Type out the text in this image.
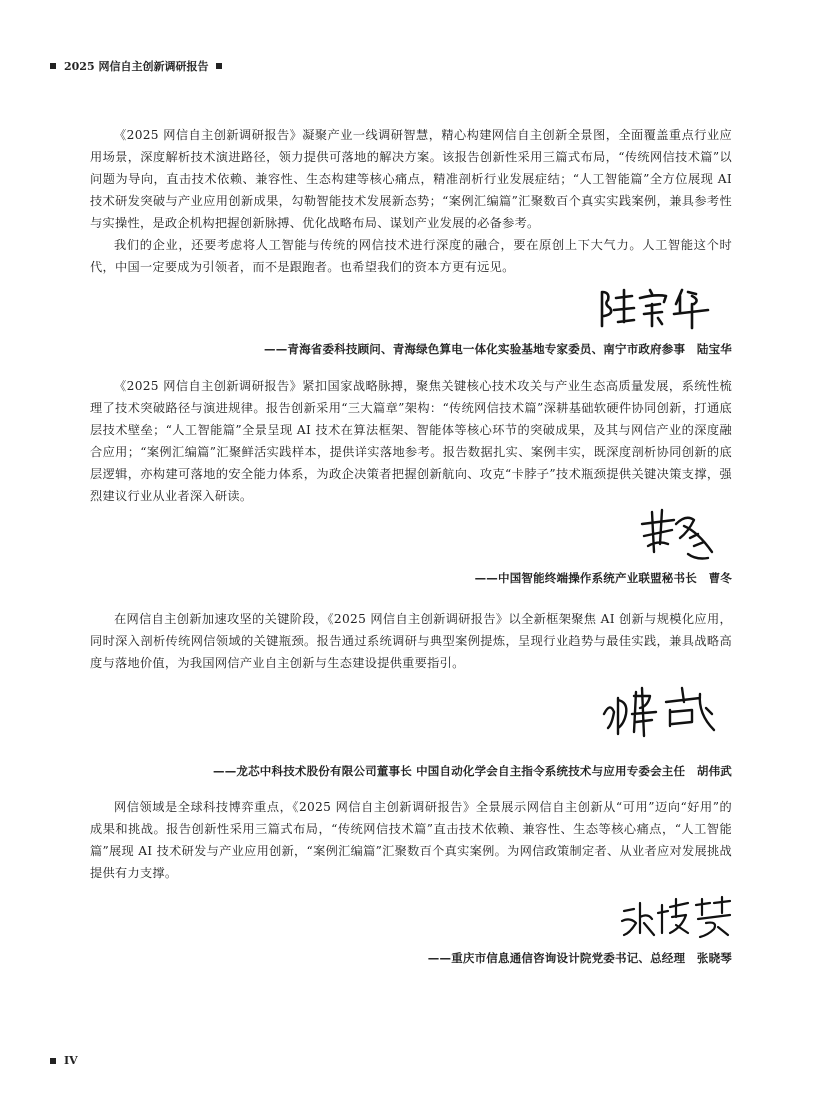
2025 网信自主创新调研报告

《2025 网信自主创新调研报告》凝聚产业一线调研智慧，精心构建网信自主创新全景图，全面覆盖重点行业应用场景，深度解析技术演进路径，领力提供可落地的解决方案。该报告创新性采用三篇式布局，“传统网信技术篇”以问题为导向，直击技术依赖、兼容性、生态构建等核心痛点，精准剖析行业发展症结；“人工智能篇”全方位展现 AI 技术研发突破与产业应用创新成果，勾勒智能技术发展新态势；“案例汇编篇”汇聚数百个真实实践案例，兼具参考性与实操性，是政企机构把握创新脉搏、优化战略布局、谋划产业发展的必备参考。

我们的企业，还要考虑将人工智能与传统的网信技术进行深度的融合，要在原创上下大气力。人工智能这个时代，中国一定要成为引领者，而不是跟跑者。也希望我们的资本方更有远见。

——青海省委科技顾问、青海绿色算电一体化实验基地专家委员、南宁市政府参事　陆宝华

《2025 网信自主创新调研报告》紧扣国家战略脉搏，聚焦关键核心技术攻关与产业生态高质量发展，系统性梳理了技术突破路径与演进规律。报告创新采用“三大篇章”架构：“传统网信技术篇”深耕基础软硬件协同创新，打通底层技术壁垒；“人工智能篇”全景呈现 AI 技术在算法框架、智能体等核心环节的突破成果，及其与网信产业的深度融合应用；“案例汇编篇”汇聚鲜活实践样本，提供详实落地参考。报告数据扎实、案例丰实，既深度剖析协同创新的底层逻辑，亦构建可落地的安全能力体系，为政企决策者把握创新航向、攻克“卡脖子”技术瓶颈提供关键决策支撑，强烈建议行业从业者深入研读。

——中国智能终端操作系统产业联盟秘书长　曹冬

在网信自主创新加速攻坚的关键阶段，《2025 网信自主创新调研报告》以全新框架聚焦 AI 创新与规模化应用，同时深入剖析传统网信领域的关键瓶颈。报告通过系统调研与典型案例提炼，呈现行业趋势与最佳实践，兼具战略高度与落地价值，为我国网信产业自主创新与生态建设提供重要指引。

——龙芯中科技术股份有限公司董事长 中国自动化学会自主指令系统技术与应用专委会主任　胡伟武

网信领域是全球科技博弈重点，《2025 网信自主创新调研报告》全景展示网信自主创新从“可用”迈向“好用”的成果和挑战。报告创新性采用三篇式布局，“传统网信技术篇”直击技术依赖、兼容性、生态等核心痛点，“人工智能篇”展现 AI 技术研发与产业应用创新，“案例汇编篇”汇聚数百个真实案例。为网信政策制定者、从业者应对发展挑战提供有力支撑。

——重庆市信息通信咨询设计院党委书记、总经理　张晓琴
IV
